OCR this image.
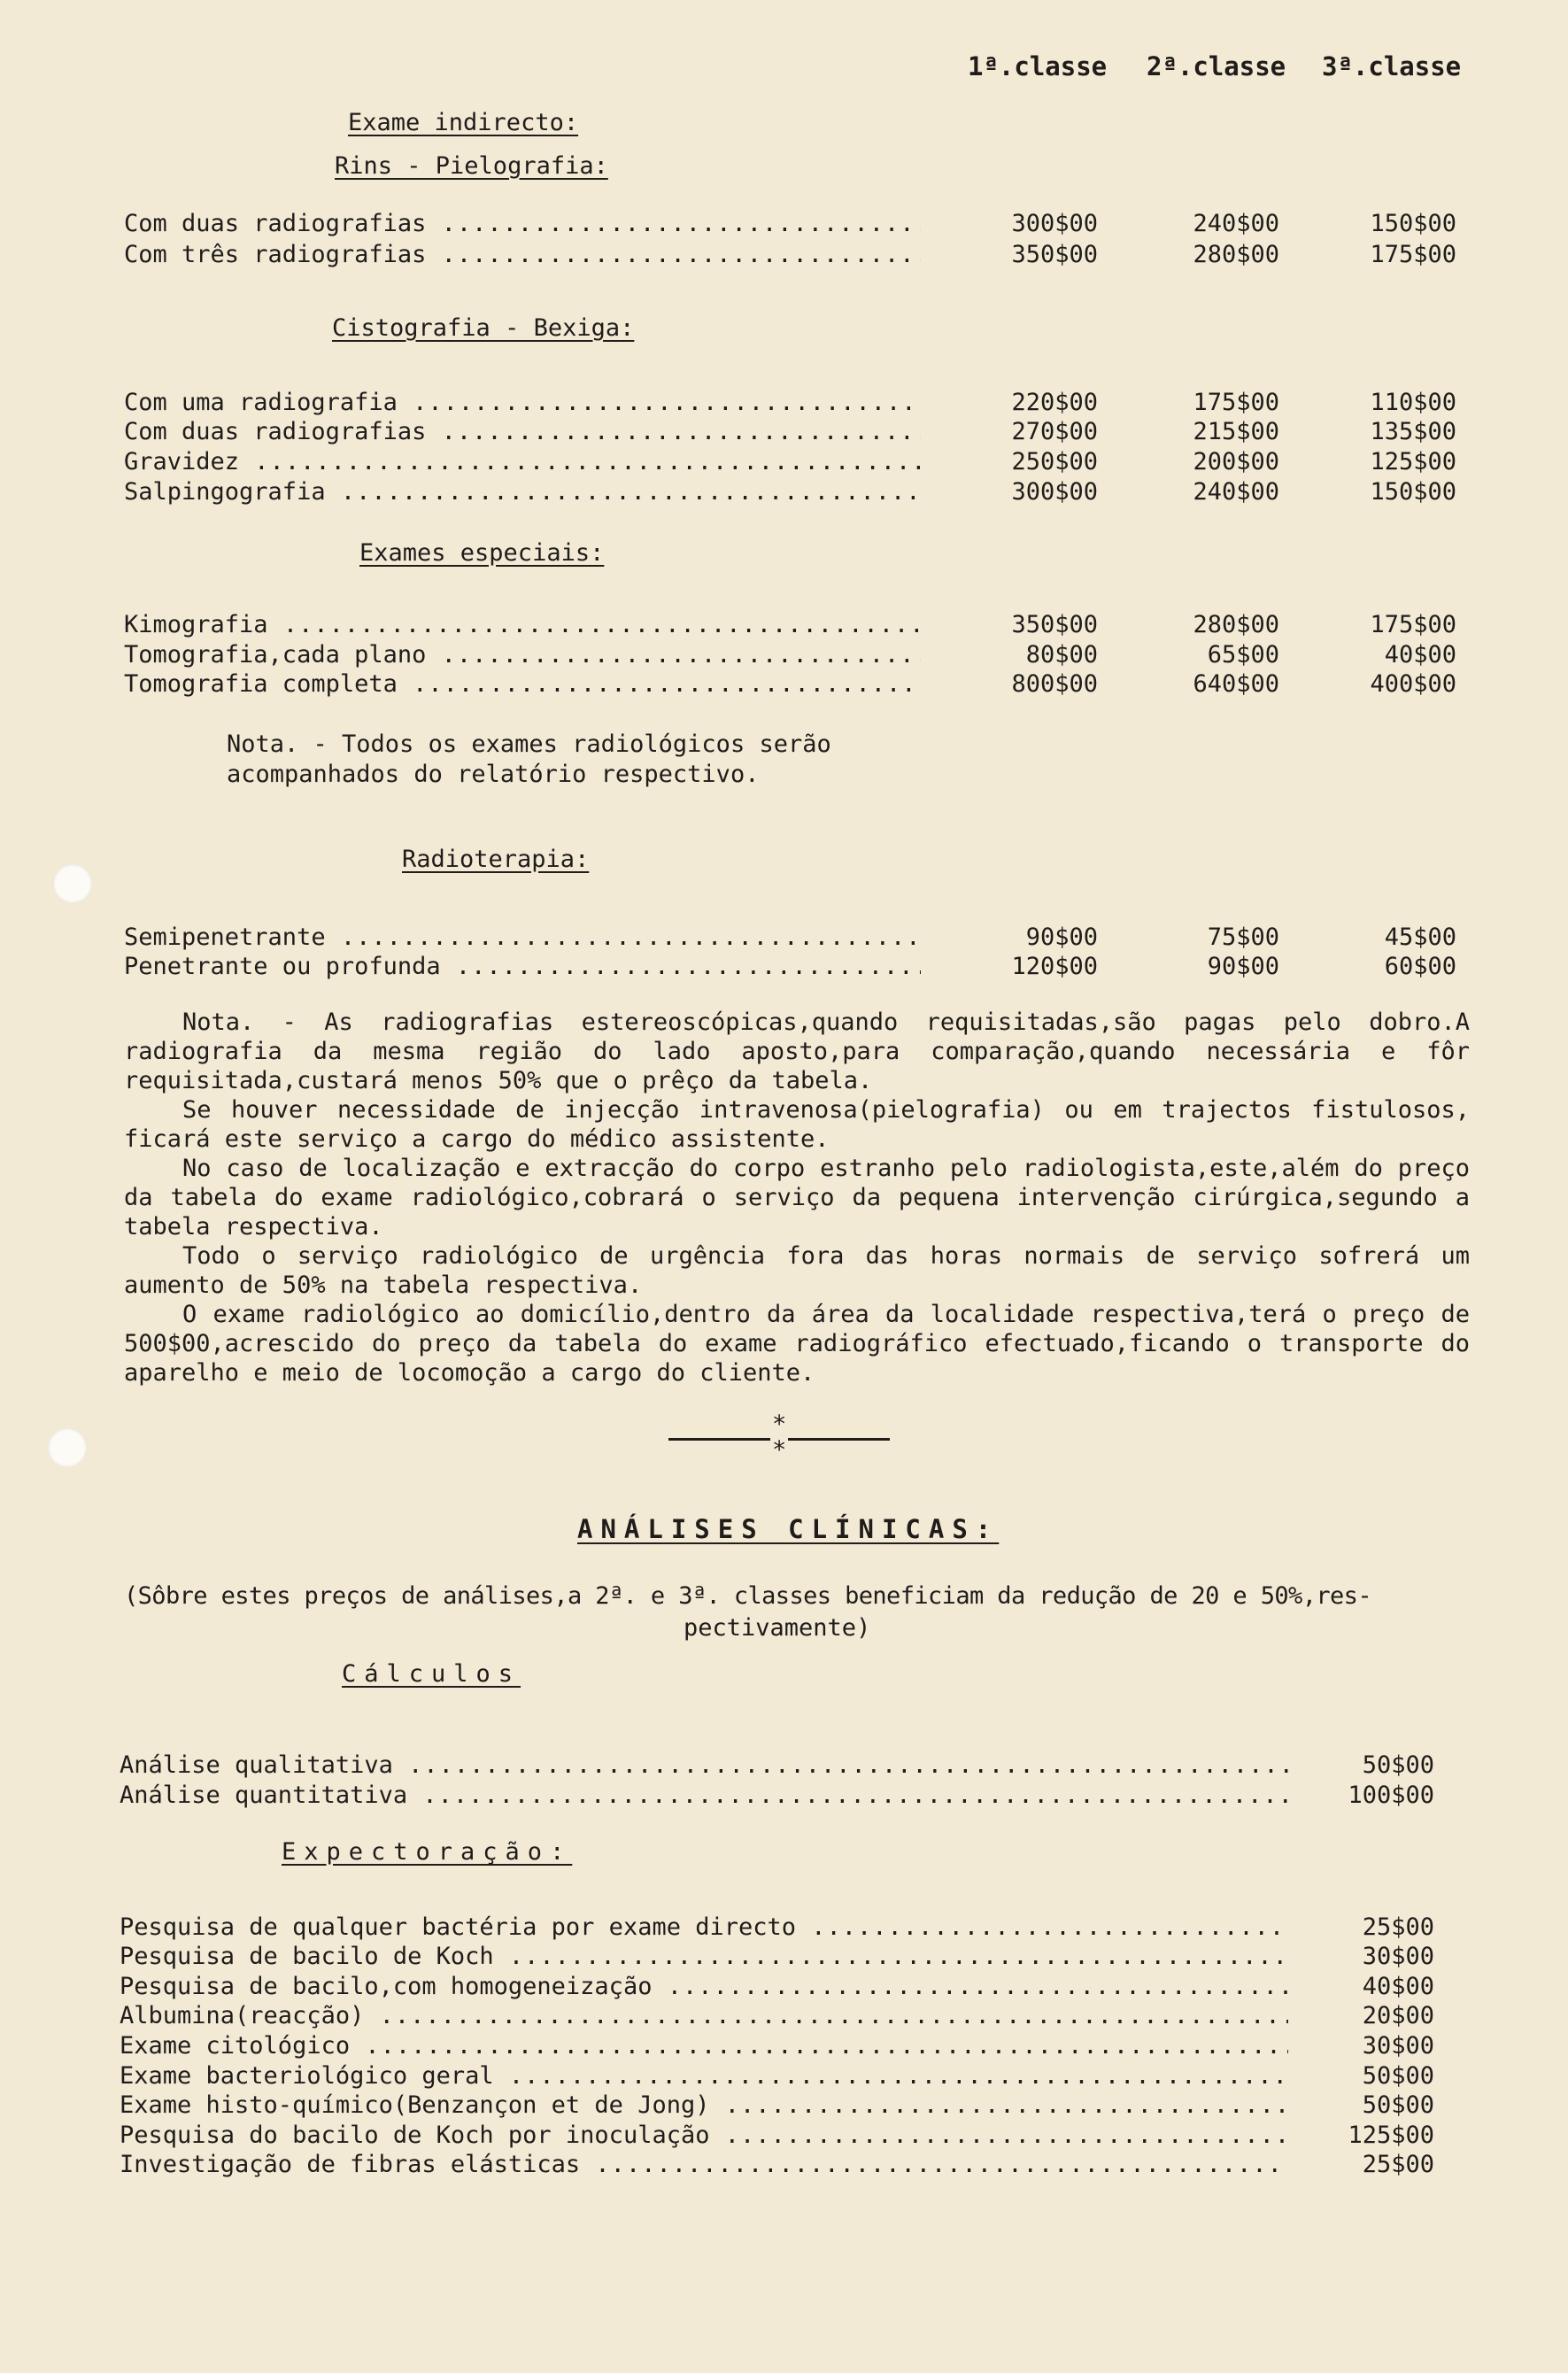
1ª.classe 2ª.classe 3ª.classe
Exame indirecto:
Rins - Pielografia:
Com duas radiografias .....	300$00	240$00	150$00
Com três radiografias .....	350$00	280$00	175$00
Cistografia - Bexiga:
Com uma radiografia .....	220$00	175$00	110$00
Com duas radiografias .....	270$00	215$00	135$00
Gravidez .....	250$00	200$00	125$00
Salpingografia .....	300$00	240$00	150$00
Exames especiais:
Kimografia .....	350$00	280$00	175$00
Tomografia,cada plano .....	80$00	65$00	40$00
Tomografia completa .....	800$00	640$00	400$00
Nota. - Todos os exames radiológicos serão
acompanhados do relatório respectivo.
Radioterapia:
Semipenetrante .....	90$00	75$00	45$00
Penetrante ou profunda .....	120$00	90$00	60$00

Nota. - As radiografias estereoscópicas,quando requisitadas,são pagas pelo dobro.A radiografia da mesma região do lado aposto,para comparação,quando necessária e fôr requisitada,custará menos 50% que o prêço da tabela.

Se houver necessidade de injecção intravenosa(pielografia) ou em trajectos fistulosos, ficará este serviço a cargo do médico assistente.

No caso de localização e extracção do corpo estranho pelo radiologista,este,além do preço da tabela do exame radiológico,cobrará o serviço da pequena intervenção cirúrgica,segundo a tabela respectiva.

Todo o serviço radiológico de urgência fora das horas normais de serviço sofrerá um aumento de 50% na tabela respectiva.

O exame radiológico ao domicílio,dentro da área da localidade respectiva,terá o preço de 500$00,acrescido do preço da tabela do exame radiográfico efectuado,ficando o transporte do aparelho e meio de locomoção a cargo do cliente.

*
*
ANÁLISES CLÍNICAS:
(Sôbre estes preços de análises,a 2ª. e 3ª. classes beneficiam da redução de 20 e 50%,res-
pectivamente)
Cálculos
Análise qualitativa .....	50$00
Análise quantitativa .....	100$00
Expectoração:
Pesquisa de qualquer bactéria por exame directo .....	25$00
Pesquisa de bacilo de Koch .....	30$00
Pesquisa de bacilo,com homogeneização .....	40$00
Albumina(reacção) .....	20$00
Exame citológico .....	30$00
Exame bacteriológico geral .....	50$00
Exame histo-químico(Benzançon et de Jong) .....	50$00
Pesquisa do bacilo de Koch por inoculação .....	125$00
Investigação de fibras elásticas .....	25$00
